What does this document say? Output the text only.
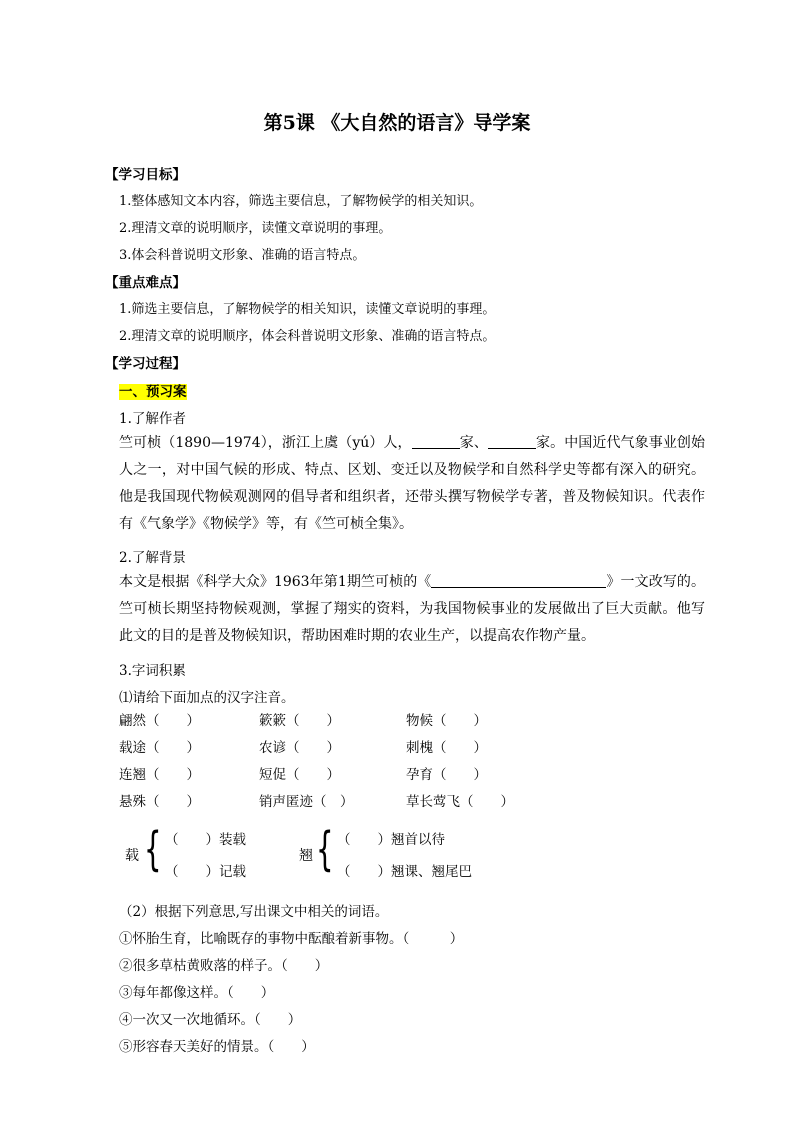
第5课 《大自然的语言》导学案
【学习目标】
1.整体感知文本内容，筛选主要信息，了解物候学的相关知识。
2.理清文章的说明顺序，读懂文章说明的事理。
3.体会科普说明文形象、准确的语言特点。
【重点难点】
1.筛选主要信息，了解物候学的相关知识，读懂文章说明的事理。
2.理清文章的说明顺序，体会科普说明文形象、准确的语言特点。
【学习过程】
一、预习案
1.了解作者
竺可桢（1890—1974），浙江上虞（yú）人，	家、	家。中国近代气象事业创始人之一，对中国气候的形成、特点、区划、变迁以及物候学和自然科学史等都有深入的研究。他是我国现代物候观测网的倡导者和组织者，还带头撰写物候学专著，普及物候知识。代表作有《气象学》《物候学》等，有《竺可桢全集》。
2.了解背景
本文是根据《科学大众》1963年第1期竺可桢的《	》一文改写的。竺可桢长期坚持物候观测，掌握了翔实的资料，为我国物候事业的发展做出了巨大贡献。他写此文的目的是普及物候知识，帮助困难时期的农业生产，以提高农作物产量。
3.字词积累
⑴请给下面加点的汉字注音。
翩然（　　）	簌簌（　　）	物候（　　）
载途（　　）	农谚（　　）	刺槐（　　）
连翘（　　）	短促（　　）	孕育（　　）
悬殊（　　）	销声匿迹（　）	草长莺飞（　　）
载 { （　　）装载
（　　）记载
翘 { （　　）翘首以待
（　　）翘课、翘尾巴
（2）根据下列意思,写出课文中相关的词语。
①怀胎生育，比喻既存的事物中酝酿着新事物。（　　　）
②很多草枯黄败落的样子。（　　）
③每年都像这样。（　　）
④一次又一次地循环。（　　）
⑤形容春天美好的情景。（　　）
